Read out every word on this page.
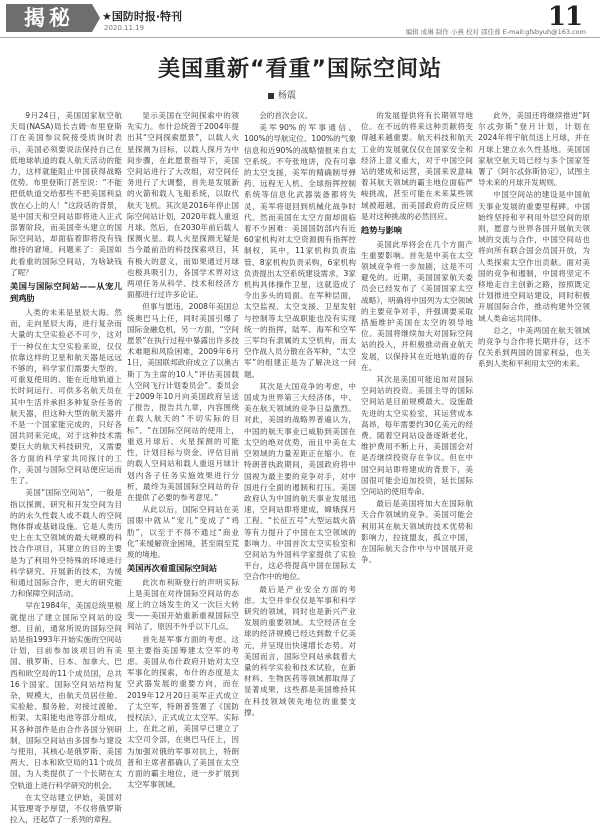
揭秘	★国防时报·特刊
2020.11.19	11
编辑 成琳 制作 小燕 校对 邵佳蓉 E-mail:gfsbyuh@163.com
美国重新“看重”国际空间站
杨震

9月24日，美国国家航空航天局(NASA)局长吉姆·布里登斯汀在美国参议院接受质询时表示，美国必须要说法保持自己在低地球轨道的载人航天活动的能力，这样就能阻止中国获得战略优势。布里登斯汀甚至说：“不能把低轨道交给那些不把美国利益放在心上的人！”这段话的背景，是中国天和空间站即将进入正式部署阶段，而美国牵头建立的国际空间站，却面临着即将没有钱维持的窘境。问题来了：美国如此看重的国际空间站，为啥缺钱了呢？

美国与国际空间站——从宠儿到鸡肋

人类的未来是星辰大海。然而，走向星辰大海，进行复杂而大量的太空实验必不可少，这对于一种仅在太空实验来说，仅仅依靠这样的卫星和航天器是远远不够的，科学家们需要大型的、可重复使用的、能在近地轨道上长时间运行、可供多名航天员在其中生活并承担多种复杂任务的航天器，但这种大型的航天器并不是一个国家能完成的，只好各国共同来完成，对于这种技术需要巨大的航天科技研究，又需要各方面的科学家共同探讨的工作，美国与国际空间站便应运而生了。

美国“国际空间站”，一般是指以探测、研究和开发空间为目的的永久性载人或不载人的空间物体群或基础设施。它是人类历史上在太空领域的最大规模的科技合作项目，其建立的目的主要是为了利用外空特殊的环境进行科学研究、开展新的技术，为缓和通过国际合作，更大的研究能力和保障空间活动。

早在1984年，美国总统里根就提出了建立国际空间站的设想。目前，通常所说的国际空间站是指1993年开始实施的空间站计划，目前参加该项目的有美国、俄罗斯、日本、加拿大、巴西和欧空局的11个成员国，总共16个国家。国际空间站结构复杂，规模大，由航天员居住舱、实验舱、服务舱、对接过渡舱、桁架、太阳能电池等部分组成，其各种部件是由合作各国分别研制，国际空间站由多国参与建设与使用，其核心是俄罗斯、美国两大、日本和欧空局的11个成员国，为人类提供了一个长期在太空轨道上进行科学研究的机会。

在太空站建立伊始，美国对其管理寄予厚望，不仅将俄罗斯拉入，还起草了一系列的章程。

显示美国在空间探索中的领先实力。布什总统曾于2004年提出其“空间探索愿景”，以载人火星探测为目标，以载人探月为中间步骤，在此愿景指导下，美国空间站进行了大改组，对空间任务进行了大调整，首先是发展新的火箭和载人飞船系统，以取代航天飞机。其次是2016年停止国际空间站计划，2020年载人重返月球。然后，在2030年前后载人探测火星。载人火星探测无疑是当今最前沿的科技探索项目，其有极大的意义，而如果通过月球也极具吸引力，各国学术界对这两项任务从科学、技术和经济方面都进行过许多论证。

但事与愿违，2008年美国总统奥巴马上任，同时美国引爆了国际金融危机，另一方面，“空间愿景”在执行过程中暴露出许多技术难题和风险困难，2009年6月1日，美国联邦政府成立了以奥古斯丁为主席的10人“评估美国载人空间飞行计划委员会”。委员会于2009年10月向美国政府呈送了报告，报告共九章，内容围绕在载人航天的“不切实际的目标”、“在国际空间站的使用上，重返月球后、火星探测的可能性，计划目标与资金、评估目前的载人空间站和载人重返月球计划内各子任务实施效果进行分析，最终为美国国际空间站的存在提供了必要的参考意见。”

从此以后，国际空间站在美国眼中就从“宠儿”变成了“鸡肋”，以至于不得不通过“商业化”来缓解资金困境，甚至闹至荒废的境地。

美国再次看重国际空间站

此次布利斯登行的声明实际上是美国在对待国际空间站的态度上的立场发生的又一次巨大转变——美国开始重新重视国际空间站了，原因不外乎以下几点。

首先是军事方面的考虑。这里主要指美国筹建太空军的考虑。美国从布什政府开始对太空军事化的探索，布什的态度是太空武器发展的重要方向，而在2019年12月20日美军正式成立了太空军，特朗普签署了《国防授权法》，正式成立太空军。实际上，在此之前，美国早已建立了太空司令部，在奥巴马任上，因为加强对俄的军事对抗上，特朗普和主席者都确认了美国在太空方面的霸主地位，进一步扩展到太空军事领域。

会的首次会议。

美军90%的军事通信、100%的导航定位、100%的气象信息和近90%的战略情报来自太空系统。不夸张地讲，没有可靠的太空支援，美军的精确制导弹药、远程无人机、全球指挥控制系统等信息化武器装备都将失灵，美军将退回到机械化战争时代。然而美国在太空方面却面临着不少困难：美国国防部内有近60家机构对太空资源拥有指挥控制权，其中，11家机构负责监管、8家机构负责采购，6家机构负责提出太空系统建设需求，3家机构具体操作卫星，这就造成了令出多头的局面。在军种层面，太空监视、太空支援、卫星发射与控制等太空战职能也没有实现统一的指挥，陆军、海军和空军三军均有隶属的太空机构，而太空作战人员分散在各军种，“太空军”的组建正是为了解决这一问题。

其次是大国竞争的考虑，中国成为世界第三大经济体，中、美在航天领域的竞争日益激烈。对此，美国的战略界普遍认为，中国的航天事业已威胁到美国在太空的绝对优势，而且中美在太空领域的力量差距正在缩小。在特朗普执政期间，美国政府将中国视为最主要的竞争对手，对中国进行全面的遏制和打压。美国政府认为中国的航天事业发展迅速，空间站即将建成，嫦娥探月工程、“长征五号”大型运载火箭等有力提升了中国在太空领域的影响力。中国首次太空实验室和空间站为外国科学家提供了实验平台，这必将提高中国在国际太空合作中的地位。

最后是产业安全方面的考虑。太空并非仅仅是军事和科学研究的领域，同时也是新兴产业发展的重要领域。太空经济在全球的经济规模已经达到数千亿美元，并呈现出快速增长态势。对美国而言，国际空间站承载着大量的科学实验和技术试验，在新材料、生物医药等领域都取得了显著成果，这些都是美国维持其在科技领域领先地位的重要支撑。

的发展提供将有长期领导地位。在不远的将来这种贡献将变得越来越重要。航天科技和航天工业的发展就仅仅在国家安全和经济上意义重大，对于中国空间站的建成和运营，美国来说意味着其航天领域的霸主地位面临严峻挑战，甚至可能在未来某些领域被超越，而美国政府的反应则是对这种挑战的必然回应。

趋势与影响

美国此举将会在几个方面产生重要影响。首先是中美在太空领域竞争将一步加剧，这是不可避免的。近期，美国国家航天委员会已经发布了《美国国家太空战略》，明确将中国列为太空领域的主要竞争对手，并强调要采取措施维护美国在太空的领导地位。美国将继续加大对国际空间站的投入，并积极推动商业航天发展，以保持其在近地轨道的存在。

其次是美国可能追加对国际空间站的投资。美国主导的国际空间站是目前规模最大、设施最先进的太空实验室，其运营成本高昂，每年需要约30亿美元的经费。随着空间站设备逐渐老化，维护费用不断上升，美国国会对是否继续投资存在争议。但在中国空间站即将建成的背景下，美国很可能会追加投资，延长国际空间站的使用寿命。

最后是美国将加大在国际航天合作领域的竞争。美国可能会利用其在航天领域的技术优势和影响力，拉拢盟友，孤立中国，在国际航天合作中与中国展开竞争。

此外，美国还将继续推进“阿尔忒弥斯”登月计划，计划在2024年将宇航员送上月球，并在月球上建立永久性基地。美国国家航空航天局已经与多个国家签署了《阿尔忒弥斯协定》，试图主导未来的月球开发规则。

中国空间站的建设是中国航天事业发展的重要里程碑。中国始终坚持和平利用外层空间的原则，愿意与世界各国开展航天领域的交流与合作，中国空间站也将向所有联合国会员国开放，为人类探索太空作出贡献。面对美国的竞争和遏制，中国将坚定不移地走自主创新之路，按照既定计划推进空间站建设，同时积极开展国际合作，推动构建外空领域人类命运共同体。

总之，中美两国在航天领域的竞争与合作将长期并存，这不仅关系到两国的国家利益，也关系到人类和平利用太空的未来。
